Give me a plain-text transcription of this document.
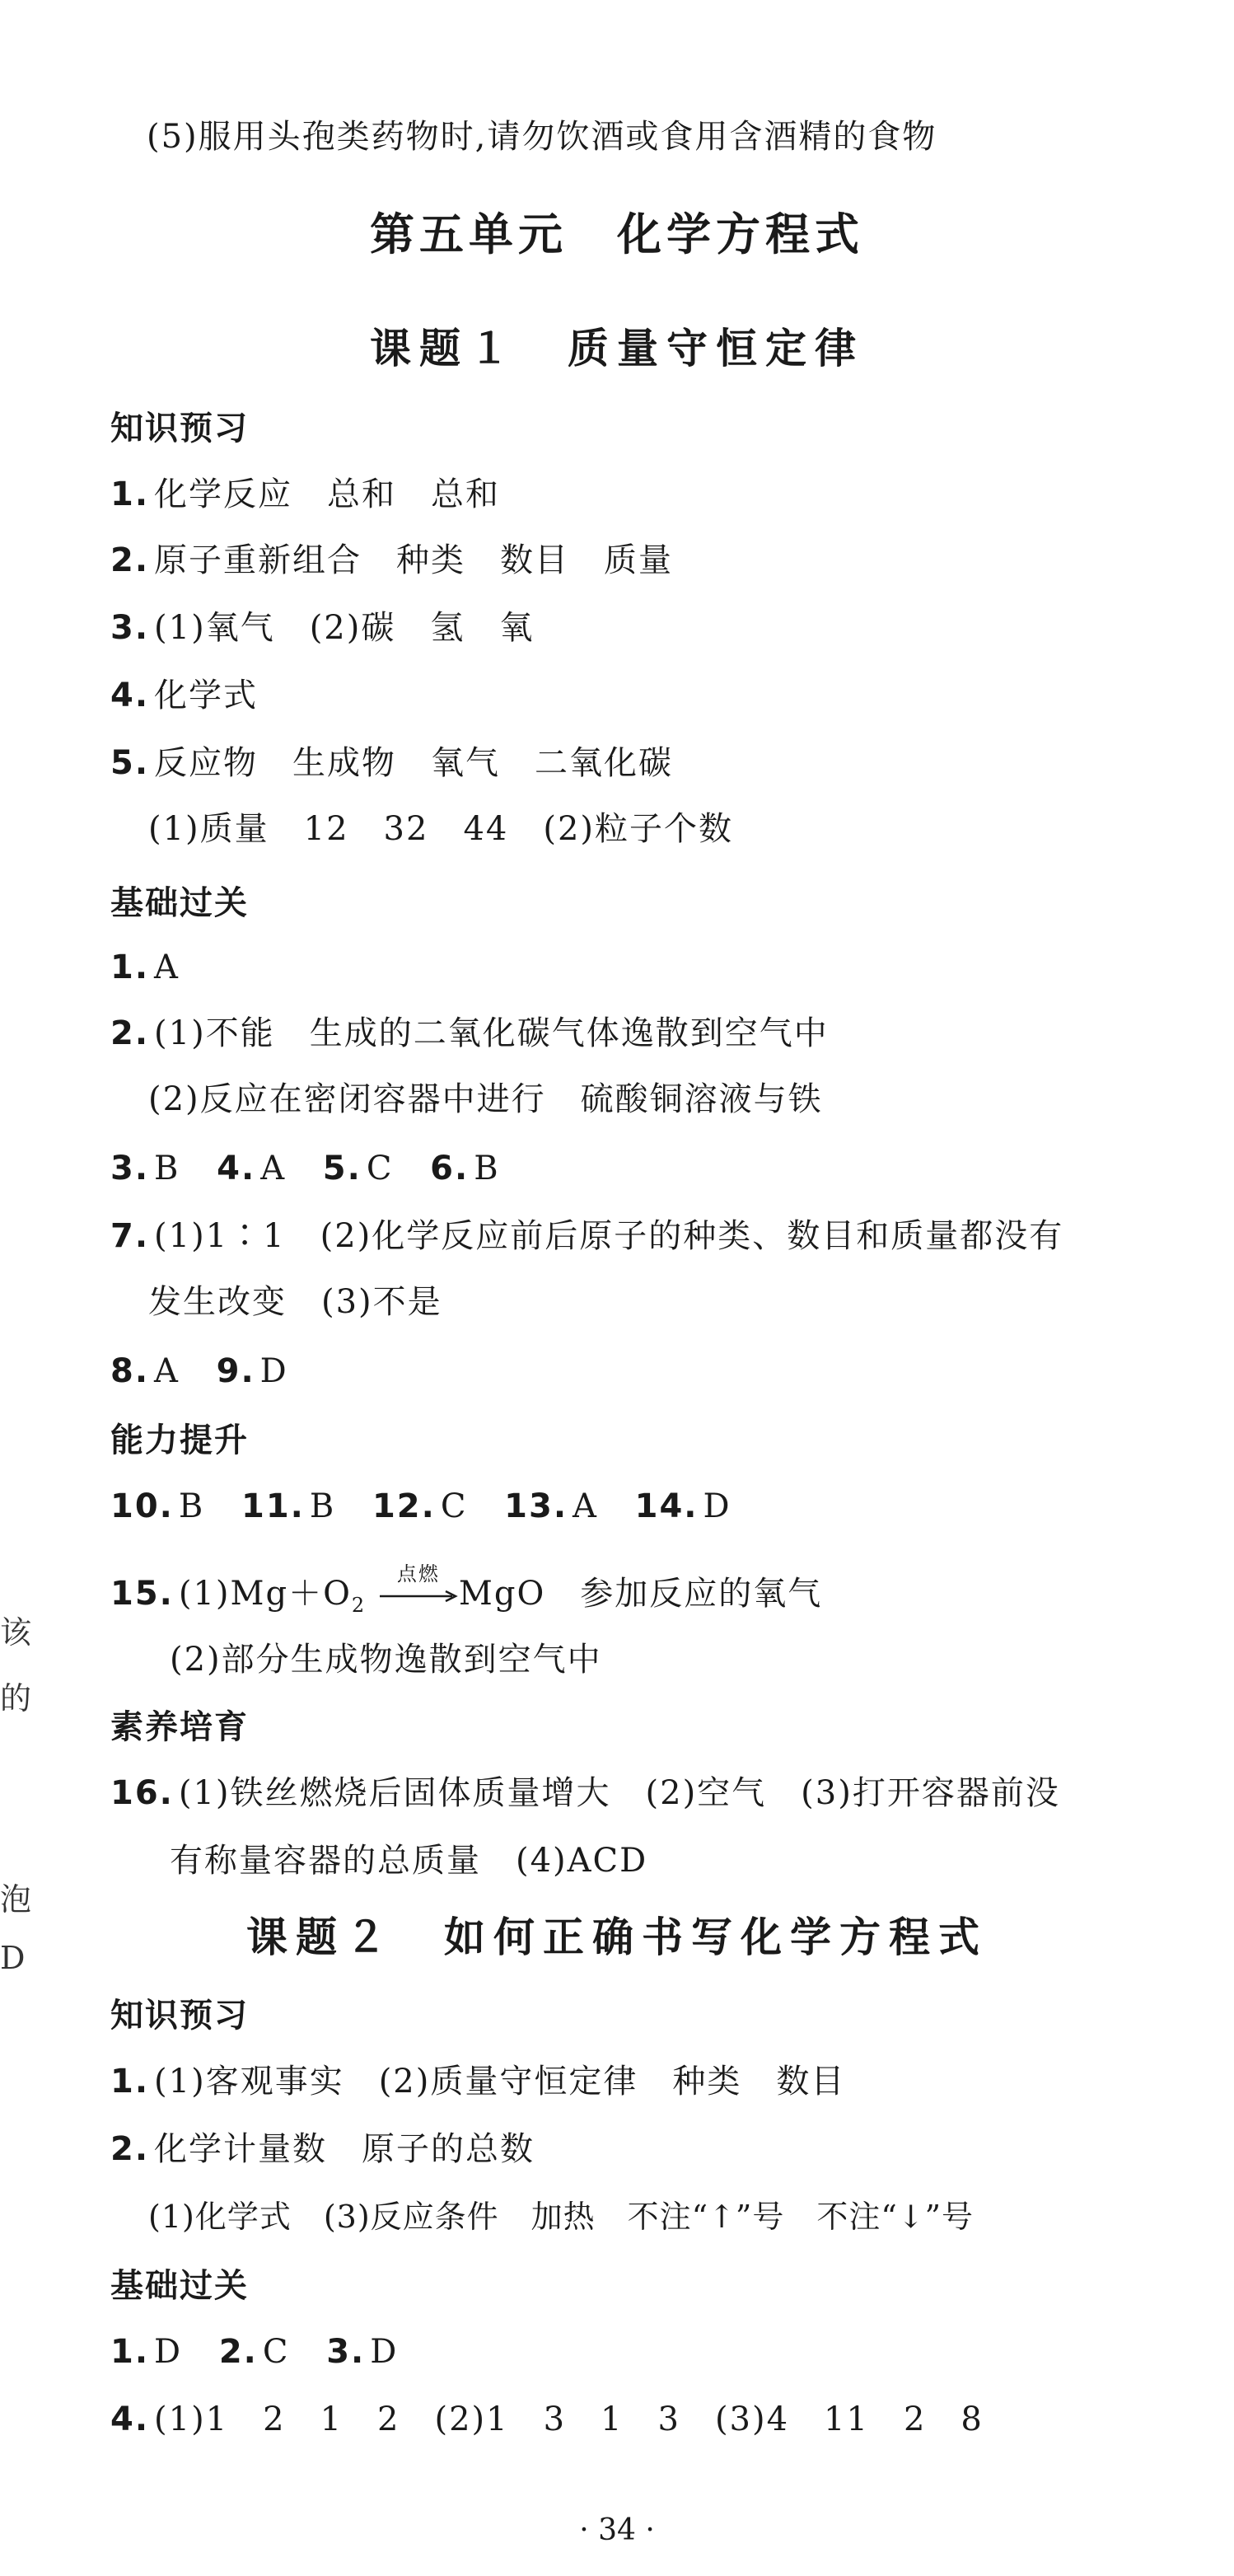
(5)服用头孢类药物时,请勿饮酒或食用含酒精的食物
第五单元　化学方程式
课题１　质量守恒定律
知识预习
1. 化学反应　总和　总和
2. 原子重新组合　种类　数目　质量
3. (1)氧气　(2)碳　氢　氧
4. 化学式
5. 反应物　生成物　氧气　二氧化碳
(1)质量　12　32　44　(2)粒子个数
基础过关
1. A
2. (1)不能　生成的二氧化碳气体逸散到空气中
(2)反应在密闭容器中进行　硫酸铜溶液与铁
3. B 4. A 5. C 6. B
7. (1)1∶1　(2)化学反应前后原子的种类、数目和质量都没有
发生改变　(3)不是
8. A 9. D
能力提升
10. B 11. B 12. C 13. A 14. D
15. $(1)Mg+O_2$
点燃
MgO　参加反应的氧气
(2)部分生成物逸散到空气中
素养培育
16. (1)铁丝燃烧后固体质量增大　(2)空气　(3)打开容器前没
有称量容器的总质量　(4)ACD
课题２　如何正确书写化学方程式
知识预习
1. (1)客观事实　(2)质量守恒定律　种类　数目
2. 化学计量数　原子的总数
(1)化学式　(3)反应条件　加热　不注“↑”号　不注“↓”号
基础过关
1. D 2. C 3. D
4. (1)1　2　1　2　(2)1　3　1　3　(3)4　11　2　8
该
的
泡
D
· 34 ·
